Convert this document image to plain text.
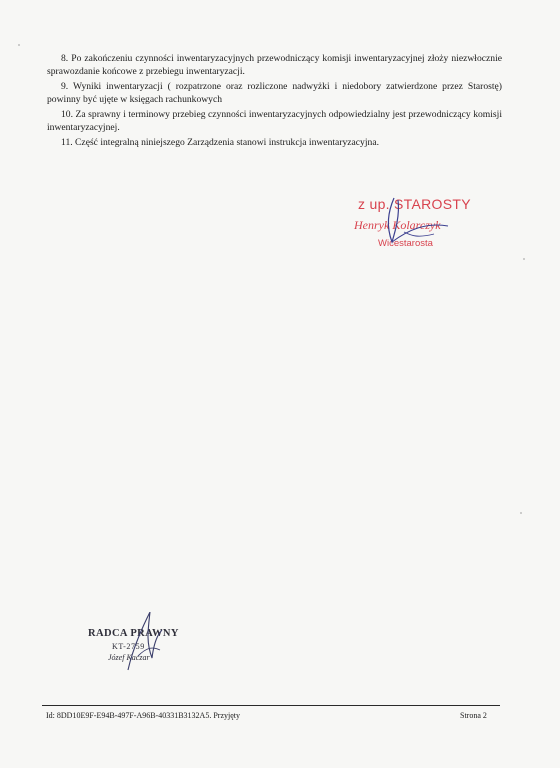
8. Po zakończeniu czynności inwentaryzacyjnych przewodniczący komisji inwentaryzacyjnej złoży niezwłocznie sprawozdanie końcowe z przebiegu inwentaryzacji.

9. Wyniki inwentaryzacji ( rozpatrzone oraz rozliczone nadwyżki i niedobory zatwierdzone przez Starostę) powinny być ujęte w księgach rachunkowych

10. Za sprawny i terminowy przebieg czynności inwentaryzacyjnych odpowiedzialny jest przewodniczący komisji inwentaryzacyjnej.

11. Część integralną niniejszego Zarządzenia stanowi instrukcja inwentaryzacyjna.

z up. STAROSTY
Henryk Kolarczyk
Wicestarosta
RADCA PRAWNY
KT-2759
Józef Kaczar
Id: 8DD10E9F-E94B-497F-A96B-40331B3132A5. Przyjęty	Strona 2
